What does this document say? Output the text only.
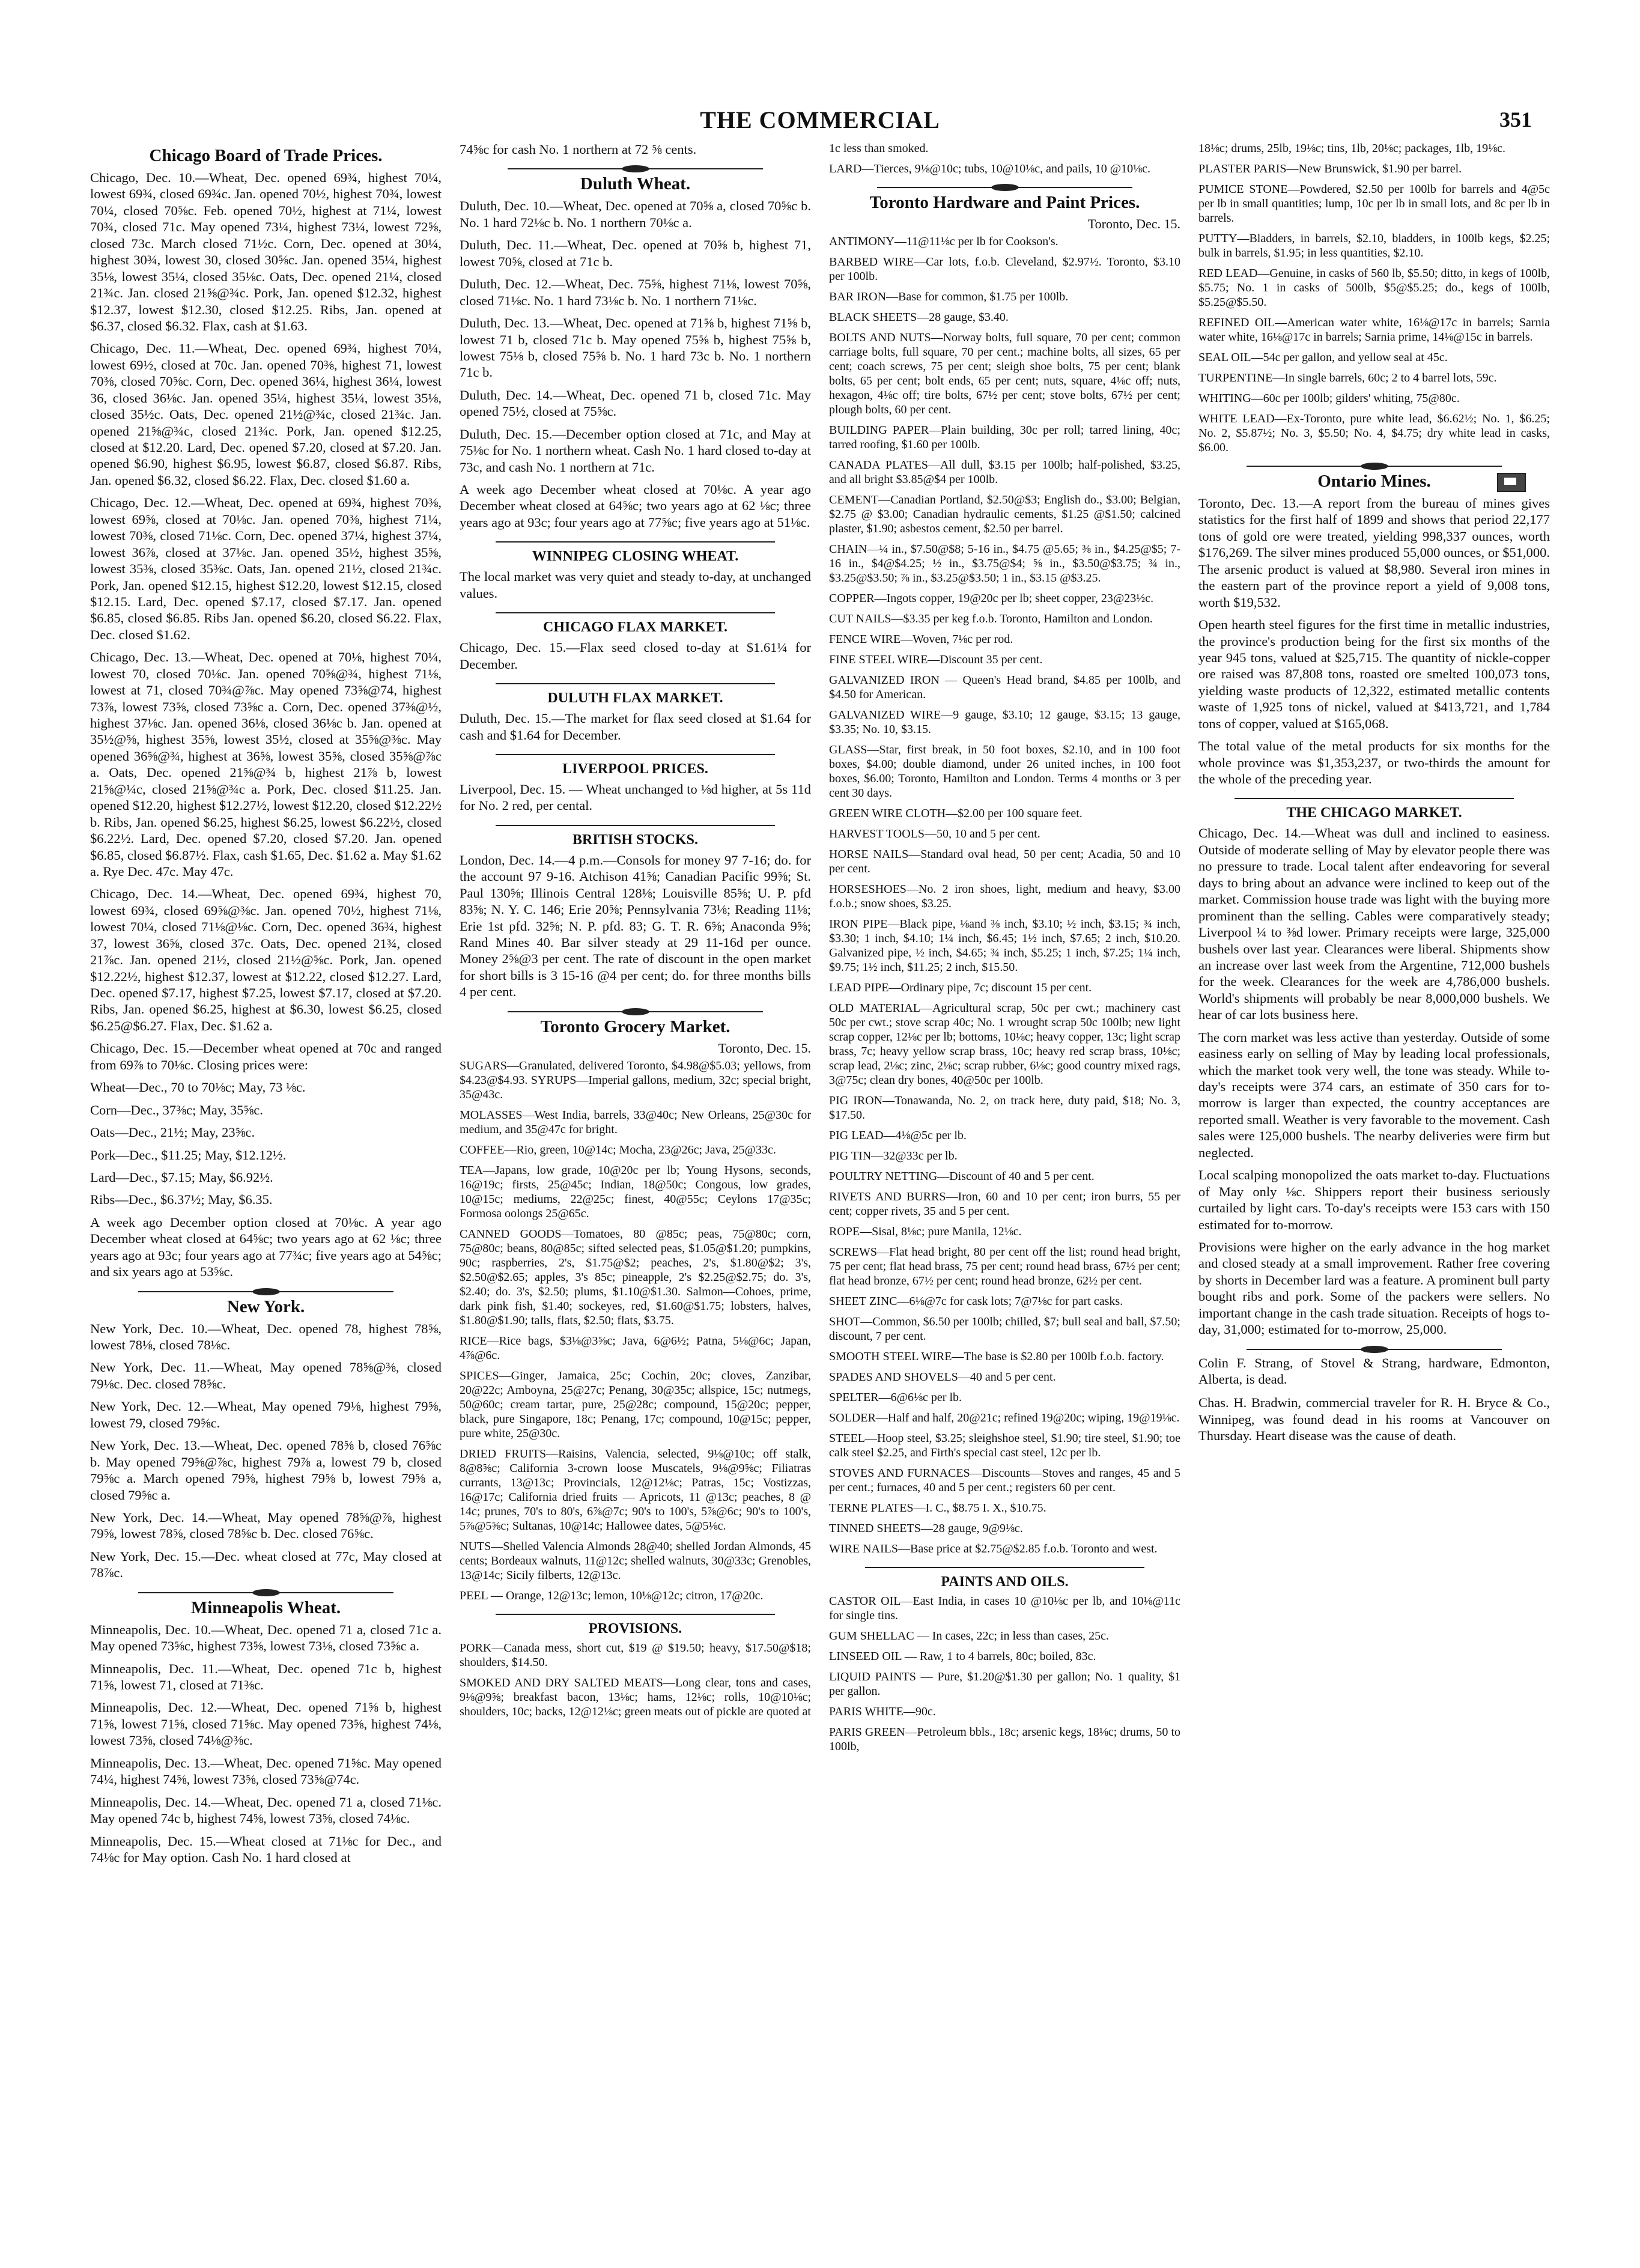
THE COMMERCIAL	351
Chicago Board of Trade Prices.

Chicago, Dec. 10.—Wheat, Dec. opened 69¾, highest 70¼, lowest 69¾, closed 69¾c. Jan. opened 70½, highest 70¾, lowest 70¼, closed 70⅝c. Feb. opened 70½, highest at 71¼, lowest 70¾, closed 71c. May opened 73¼, highest 73¼, lowest 72⅝, closed 73c. March closed 71½c. Corn, Dec. opened at 30¼, highest 30¾, lowest 30, closed 30⅝c. Jan. opened 35¼, highest 35⅛, lowest 35¼, closed 35⅛c. Oats, Dec. opened 21¼, closed 21¾c. Jan. closed 21⅝@¾c. Pork, Jan. opened $12.32, highest $12.37, lowest $12.30, closed $12.25. Ribs, Jan. opened at $6.37, closed $6.32. Flax, cash at $1.63.

Chicago, Dec. 11.—Wheat, Dec. opened 69¾, highest 70¼, lowest 69½, closed at 70c. Jan. opened 70⅜, highest 71, lowest 70⅜, closed 70⅝c. Corn, Dec. opened 36¼, highest 36¼, lowest 36, closed 36⅛c. Jan. opened 35¼, highest 35¼, lowest 35⅛, closed 35½c. Oats, Dec. opened 21½@¾c, closed 21¾c. Jan. opened 21⅝@¾c, closed 21¾c. Pork, Jan. opened $12.25, closed at $12.20. Lard, Dec. opened $7.20, closed at $7.20. Jan. opened $6.90, highest $6.95, lowest $6.87, closed $6.87. Ribs, Jan. opened $6.32, closed $6.22. Flax, Dec. closed $1.60 a.

Chicago, Dec. 12.—Wheat, Dec. opened at 69¾, highest 70⅜, lowest 69⅝, closed at 70⅛c. Jan. opened 70⅜, highest 71¼, lowest 70⅜, closed 71⅛c. Corn, Dec. opened 37¼, highest 37¼, lowest 36⅞, closed at 37⅛c. Jan. opened 35½, highest 35⅝, lowest 35⅜, closed 35⅜c. Oats, Jan. opened 21½, closed 21¾c. Pork, Jan. opened $12.15, highest $12.20, lowest $12.15, closed $12.15. Lard, Dec. opened $7.17, closed $7.17. Jan. opened $6.85, closed $6.85. Ribs Jan. opened $6.20, closed $6.22. Flax, Dec. closed $1.62.

Chicago, Dec. 13.—Wheat, Dec. opened at 70⅛, highest 70¼, lowest 70, closed 70⅛c. Jan. opened 70⅝@¾, highest 71⅛, lowest at 71, closed 70¾@⅞c. May opened 73⅝@74, highest 73⅞, lowest 73⅝, closed 73⅝c a. Corn, Dec. opened 37⅜@½, highest 37⅛c. Jan. opened 36⅛, closed 36⅛c b. Jan. opened at 35½@⅝, highest 35⅝, lowest 35½, closed at 35⅝@⅜c. May opened 36⅝@¾, highest at 36⅝, lowest 35⅝, closed 35⅝@⅞c a. Oats, Dec. opened 21⅝@¾ b, highest 21⅞ b, lowest 21⅝@¼c, closed 21⅝@¾c a. Pork, Dec. closed $11.25. Jan. opened $12.20, highest $12.27½, lowest $12.20, closed $12.22½ b. Ribs, Jan. opened $6.25, highest $6.25, lowest $6.22½, closed $6.22½. Lard, Dec. opened $7.20, closed $7.20. Jan. opened $6.85, closed $6.87½. Flax, cash $1.65, Dec. $1.62 a. May $1.62 a. Rye Dec. 47c. May 47c.

Chicago, Dec. 14.—Wheat, Dec. opened 69¾, highest 70, lowest 69¾, closed 69⅝@⅜c. Jan. opened 70½, highest 71⅛, lowest 70¼, closed 71⅛@⅛c. Corn, Dec. opened 36¾, highest 37, lowest 36⅝, closed 37c. Oats, Dec. opened 21¾, closed 21⅞c. Jan. opened 21½, closed 21½@⅝c. Pork, Jan. opened $12.22½, highest $12.37, lowest at $12.22, closed $12.27. Lard, Dec. opened $7.17, highest $7.25, lowest $7.17, closed at $7.20. Ribs, Jan. opened $6.25, highest at $6.30, lowest $6.25, closed $6.25@$6.27. Flax, Dec. $1.62 a.

Chicago, Dec. 15.—December wheat opened at 70c and ranged from 69⅞ to 70⅛c. Closing prices were:

Wheat—Dec., 70 to 70⅛c; May, 73 ⅛c.

Corn—Dec., 37⅜c; May, 35⅝c.

Oats—Dec., 21½; May, 23⅝c.

Pork—Dec., $11.25; May, $12.12½.

Lard—Dec., $7.15; May, $6.92½.

Ribs—Dec., $6.37½; May, $6.35.

A week ago December option closed at 70⅛c. A year ago December wheat closed at 64⅝c; two years ago at 62 ⅛c; three years ago at 93c; four years ago at 77¾c; five years ago at 54⅝c; and six years ago at 53⅝c.

New York.

New York, Dec. 10.—Wheat, Dec. opened 78, highest 78⅝, lowest 78⅛, closed 78⅛c.

New York, Dec. 11.—Wheat, May opened 78⅝@⅜, closed 79⅛c. Dec. closed 78⅝c.

New York, Dec. 12.—Wheat, May opened 79⅛, highest 79⅝, lowest 79, closed 79⅝c.

New York, Dec. 13.—Wheat, Dec. opened 78⅝ b, closed 76⅝c b. May opened 79⅝@⅞c, highest 79⅞ a, lowest 79 b, closed 79⅝c a. March opened 79⅝, highest 79⅝ b, lowest 79⅝ a, closed 79⅝c a.

New York, Dec. 14.—Wheat, May opened 78⅝@⅞, highest 79⅝, lowest 78⅝, closed 78⅝c b. Dec. closed 76⅝c.

New York, Dec. 15.—Dec. wheat closed at 77c, May closed at 78⅞c.

Minneapolis Wheat.

Minneapolis, Dec. 10.—Wheat, Dec. opened 71 a, closed 71c a. May opened 73⅝c, highest 73⅝, lowest 73⅛, closed 73⅝c a.

Minneapolis, Dec. 11.—Wheat, Dec. opened 71c b, highest 71⅝, lowest 71, closed at 71⅜c.

Minneapolis, Dec. 12.—Wheat, Dec. opened 71⅝ b, highest 71⅝, lowest 71⅝, closed 71⅝c. May opened 73⅝, highest 74⅛, lowest 73⅝, closed 74⅛@⅜c.

Minneapolis, Dec. 13.—Wheat, Dec. opened 71⅝c. May opened 74¼, highest 74⅝, lowest 73⅝, closed 73⅝@74c.

Minneapolis, Dec. 14.—Wheat, Dec. opened 71 a, closed 71⅛c. May opened 74c b, highest 74⅝, lowest 73⅝, closed 74⅛c.

Minneapolis, Dec. 15.—Wheat closed at 71⅛c for Dec., and 74⅛c for May option. Cash No. 1 hard closed at

74⅝c for cash No. 1 northern at 72 ⅝ cents.

Duluth Wheat.

Duluth, Dec. 10.—Wheat, Dec. opened at 70⅝ a, closed 70⅝c b. No. 1 hard 72⅛c b. No. 1 northern 70⅛c a.

Duluth, Dec. 11.—Wheat, Dec. opened at 70⅝ b, highest 71, lowest 70⅝, closed at 71c b.

Duluth, Dec. 12.—Wheat, Dec. 75⅝, highest 71⅛, lowest 70⅝, closed 71⅛c. No. 1 hard 73⅛c b. No. 1 northern 71⅛c.

Duluth, Dec. 13.—Wheat, Dec. opened at 71⅝ b, highest 71⅝ b, lowest 71 b, closed 71c b. May opened 75⅝ b, highest 75⅝ b, lowest 75⅛ b, closed 75⅝ b. No. 1 hard 73c b. No. 1 northern 71c b.

Duluth, Dec. 14.—Wheat, Dec. opened 71 b, closed 71c. May opened 75½, closed at 75⅝c.

Duluth, Dec. 15.—December option closed at 71c, and May at 75⅛c for No. 1 northern wheat. Cash No. 1 hard closed to-day at 73c, and cash No. 1 northern at 71c.

A week ago December wheat closed at 70⅛c. A year ago December wheat closed at 64⅝c; two years ago at 62 ⅛c; three years ago at 93c; four years ago at 77⅝c; five years ago at 51⅛c.

WINNIPEG CLOSING WHEAT.

The local market was very quiet and steady to-day, at unchanged values.

CHICAGO FLAX MARKET.

Chicago, Dec. 15.—Flax seed closed to-day at $1.61¼ for December.

DULUTH FLAX MARKET.

Duluth, Dec. 15.—The market for flax seed closed at $1.64 for cash and $1.64 for December.

LIVERPOOL PRICES.

Liverpool, Dec. 15. — Wheat unchanged to ⅛d higher, at 5s 11d for No. 2 red, per cental.

BRITISH STOCKS.

London, Dec. 14.—4 p.m.—Consols for money 97 7-16; do. for the account 97 9-16. Atchison 41⅝; Canadian Pacific 99⅝; St. Paul 130⅝; Illinois Central 128⅛; Louisville 85⅝; U. P. pfd 83⅝; N. Y. C. 146; Erie 20⅝; Pennsylvania 73⅛; Reading 11⅛; Erie 1st pfd. 32⅝; N. P. pfd. 83; G. T. R. 6⅝; Anaconda 9⅝; Rand Mines 40. Bar silver steady at 29 11-16d per ounce. Money 2⅝@3 per cent. The rate of discount in the open market for short bills is 3 15-16 @4 per cent; do. for three months bills 4 per cent.

Toronto Grocery Market.
Toronto, Dec. 15.

SUGARS—Granulated, delivered Toronto, $4.98@$5.03; yellows, from $4.23@$4.93. SYRUPS—Imperial gallons, medium, 32c; special bright, 35@43c.

MOLASSES—West India, barrels, 33@40c; New Orleans, 25@30c for medium, and 35@47c for bright.

COFFEE—Rio, green, 10@14c; Mocha, 23@26c; Java, 25@33c.

TEA—Japans, low grade, 10@20c per lb; Young Hysons, seconds, 16@19c; firsts, 25@45c; Indian, 18@50c; Congous, low grades, 10@15c; mediums, 22@25c; finest, 40@55c; Ceylons 17@35c; Formosa oolongs 25@65c.

CANNED GOODS—Tomatoes, 80 @85c; peas, 75@80c; corn, 75@80c; beans, 80@85c; sifted selected peas, $1.05@$1.20; pumpkins, 90c; raspberries, 2's, $1.75@$2; peaches, 2's, $1.80@$2; 3's, $2.50@$2.65; apples, 3's 85c; pineapple, 2's $2.25@$2.75; do. 3's, $2.40; do. 3's, $2.50; plums, $1.10@$1.30. Salmon—Cohoes, prime, dark pink fish, $1.40; sockeyes, red, $1.60@$1.75; lobsters, halves, $1.80@$1.90; talls, flats, $2.50; flats, $3.75.

RICE—Rice bags, $3⅛@3⅝c; Java, 6@6½; Patna, 5⅛@6c; Japan, 4⅞@6c.

SPICES—Ginger, Jamaica, 25c; Cochin, 20c; cloves, Zanzibar, 20@22c; Amboyna, 25@27c; Penang, 30@35c; allspice, 15c; nutmegs, 50@60c; cream tartar, pure, 25@28c; compound, 15@20c; pepper, black, pure Singapore, 18c; Penang, 17c; compound, 10@15c; pepper, pure white, 25@30c.

DRIED FRUITS—Raisins, Valencia, selected, 9⅛@10c; off stalk, 8@8⅝c; California 3-crown loose Muscatels, 9⅛@9⅝c; Filiatras currants, 13@13c; Provincials, 12@12⅛c; Patras, 15c; Vostizzas, 16@17c; California dried fruits — Apricots, 11 @13c; peaches, 8 @ 14c; prunes, 70's to 80's, 6⅞@7c; 90's to 100's, 5⅞@6c; 90's to 100's, 5⅞@5⅝c; Sultanas, 10@14c; Hallowee dates, 5@5⅛c.

NUTS—Shelled Valencia Almonds 28@40; shelled Jordan Almonds, 45 cents; Bordeaux walnuts, 11@12c; shelled walnuts, 30@33c; Grenobles, 13@14c; Sicily filberts, 12@13c.

PEEL — Orange, 12@13c; lemon, 10⅛@12c; citron, 17@20c.

PROVISIONS.

PORK—Canada mess, short cut, $19 @ $19.50; heavy, $17.50@$18; shoulders, $14.50.

SMOKED AND DRY SALTED MEATS—Long clear, tons and cases, 9⅛@9⅝; breakfast bacon, 13⅛c; hams, 12⅛c; rolls, 10@10⅛c; shoulders, 10c; backs, 12@12⅛c; green meats out of pickle are quoted at

1c less than smoked.

LARD—Tierces, 9⅛@10c; tubs, 10@10⅛c, and pails, 10 @10⅛c.

Toronto Hardware and Paint Prices.
Toronto, Dec. 15.

ANTIMONY—11@11⅛c per lb for Cookson's.

BARBED WIRE—Car lots, f.o.b. Cleveland, $2.97½. Toronto, $3.10 per 100lb.

BAR IRON—Base for common, $1.75 per 100lb.

BLACK SHEETS—28 gauge, $3.40.

BOLTS AND NUTS—Norway bolts, full square, 70 per cent; common carriage bolts, full square, 70 per cent.; machine bolts, all sizes, 65 per cent; coach screws, 75 per cent; sleigh shoe bolts, 75 per cent; blank bolts, 65 per cent; bolt ends, 65 per cent; nuts, square, 4⅛c off; nuts, hexagon, 4⅛c off; tire bolts, 67½ per cent; stove bolts, 67½ per cent; plough bolts, 60 per cent.

BUILDING PAPER—Plain building, 30c per roll; tarred lining, 40c; tarred roofing, $1.60 per 100lb.

CANADA PLATES—All dull, $3.15 per 100lb; half-polished, $3.25, and all bright $3.85@$4 per 100lb.

CEMENT—Canadian Portland, $2.50@$3; English do., $3.00; Belgian, $2.75 @ $3.00; Canadian hydraulic cements, $1.25 @$1.50; calcined plaster, $1.90; asbestos cement, $2.50 per barrel.

CHAIN—¼ in., $7.50@$8; 5-16 in., $4.75 @5.65; ⅜ in., $4.25@$5; 7-16 in., $4@$4.25; ½ in., $3.75@$4; ⅝ in., $3.50@$3.75; ¾ in., $3.25@$3.50; ⅞ in., $3.25@$3.50; 1 in., $3.15 @$3.25.

COPPER—Ingots copper, 19@20c per lb; sheet copper, 23@23½c.

CUT NAILS—$3.35 per keg f.o.b. Toronto, Hamilton and London.

FENCE WIRE—Woven, 7⅛c per rod.

FINE STEEL WIRE—Discount 35 per cent.

GALVANIZED IRON — Queen's Head brand, $4.85 per 100lb, and $4.50 for American.

GALVANIZED WIRE—9 gauge, $3.10; 12 gauge, $3.15; 13 gauge, $3.35; No. 10, $3.15.

GLASS—Star, first break, in 50 foot boxes, $2.10, and in 100 foot boxes, $4.00; double diamond, under 26 united inches, in 100 foot boxes, $6.00; Toronto, Hamilton and London. Terms 4 months or 3 per cent 30 days.

GREEN WIRE CLOTH—$2.00 per 100 square feet.

HARVEST TOOLS—50, 10 and 5 per cent.

HORSE NAILS—Standard oval head, 50 per cent; Acadia, 50 and 10 per cent.

HORSESHOES—No. 2 iron shoes, light, medium and heavy, $3.00 f.o.b.; snow shoes, $3.25.

IRON PIPE—Black pipe, ⅛and ⅜ inch, $3.10; ½ inch, $3.15; ¾ inch, $3.30; 1 inch, $4.10; 1¼ inch, $6.45; 1½ inch, $7.65; 2 inch, $10.20. Galvanized pipe, ½ inch, $4.65; ¾ inch, $5.25; 1 inch, $7.25; 1¼ inch, $9.75; 1½ inch, $11.25; 2 inch, $15.50.

LEAD PIPE—Ordinary pipe, 7c; discount 15 per cent.

OLD MATERIAL—Agricultural scrap, 50c per cwt.; machinery cast 50c per cwt.; stove scrap 40c; No. 1 wrought scrap 50c 100lb; new light scrap copper, 12⅛c per lb; bottoms, 10⅛c; heavy copper, 13c; light scrap brass, 7c; heavy yellow scrap brass, 10c; heavy red scrap brass, 10⅛c; scrap lead, 2⅛c; zinc, 2⅛c; scrap rubber, 6⅛c; good country mixed rags, 3@75c; clean dry bones, 40@50c per 100lb.

PIG IRON—Tonawanda, No. 2, on track here, duty paid, $18; No. 3, $17.50.

PIG LEAD—4⅛@5c per lb.

PIG TIN—32@33c per lb.

POULTRY NETTING—Discount of 40 and 5 per cent.

RIVETS AND BURRS—Iron, 60 and 10 per cent; iron burrs, 55 per cent; copper rivets, 35 and 5 per cent.

ROPE—Sisal, 8⅛c; pure Manila, 12⅛c.

SCREWS—Flat head bright, 80 per cent off the list; round head bright, 75 per cent; flat head brass, 75 per cent; round head brass, 67½ per cent; flat head bronze, 67½ per cent; round head bronze, 62½ per cent.

SHEET ZINC—6⅛@7c for cask lots; 7@7⅛c for part casks.

SHOT—Common, $6.50 per 100lb; chilled, $7; bull seal and ball, $7.50; discount, 7 per cent.

SMOOTH STEEL WIRE—The base is $2.80 per 100lb f.o.b. factory.

SPADES AND SHOVELS—40 and 5 per cent.

SPELTER—6@6⅛c per lb.

SOLDER—Half and half, 20@21c; refined 19@20c; wiping, 19@19⅛c.

STEEL—Hoop steel, $3.25; sleighshoe steel, $1.90; tire steel, $1.90; toe calk steel $2.25, and Firth's special cast steel, 12c per lb.

STOVES AND FURNACES—Discounts—Stoves and ranges, 45 and 5 per cent.; furnaces, 40 and 5 per cent.; registers 60 per cent.

TERNE PLATES—I. C., $8.75 I. X., $10.75.

TINNED SHEETS—28 gauge, 9@9⅛c.

WIRE NAILS—Base price at $2.75@$2.85 f.o.b. Toronto and west.

PAINTS AND OILS.

CASTOR OIL—East India, in cases 10 @10⅛c per lb, and 10⅛@11c for single tins.

GUM SHELLAC — In cases, 22c; in less than cases, 25c.

LINSEED OIL — Raw, 1 to 4 barrels, 80c; boiled, 83c.

LIQUID PAINTS — Pure, $1.20@$1.30 per gallon; No. 1 quality, $1 per gallon.

PARIS WHITE—90c.

PARIS GREEN—Petroleum bbls., 18c; arsenic kegs, 18⅛c; drums, 50 to 100lb,

18⅛c; drums, 25lb, 19⅛c; tins, 1lb, 20⅛c; packages, 1lb, 19⅛c.

PLASTER PARIS—New Brunswick, $1.90 per barrel.

PUMICE STONE—Powdered, $2.50 per 100lb for barrels and 4@5c per lb in small quantities; lump, 10c per lb in small lots, and 8c per lb in barrels.

PUTTY—Bladders, in barrels, $2.10, bladders, in 100lb kegs, $2.25; bulk in barrels, $1.95; in less quantities, $2.10.

RED LEAD—Genuine, in casks of 560 lb, $5.50; ditto, in kegs of 100lb, $5.75; No. 1 in casks of 500lb, $5@$5.25; do., kegs of 100lb, $5.25@$5.50.

REFINED OIL—American water white, 16⅛@17c in barrels; Sarnia water white, 16⅛@17c in barrels; Sarnia prime, 14⅛@15c in barrels.

SEAL OIL—54c per gallon, and yellow seal at 45c.

TURPENTINE—In single barrels, 60c; 2 to 4 barrel lots, 59c.

WHITING—60c per 100lb; gilders' whiting, 75@80c.

WHITE LEAD—Ex-Toronto, pure white lead, $6.62½; No. 1, $6.25; No. 2, $5.87½; No. 3, $5.50; No. 4, $4.75; dry white lead in casks, $6.00.

Ontario Mines.

Toronto, Dec. 13.—A report from the bureau of mines gives statistics for the first half of 1899 and shows that period 22,177 tons of gold ore were treated, yielding 998,337 ounces, worth $176,269. The silver mines produced 55,000 ounces, or $51,000. The arsenic product is valued at $8,980. Several iron mines in the eastern part of the province report a yield of 9,008 tons, worth $19,532.

Open hearth steel figures for the first time in metallic industries, the province's production being for the first six months of the year 945 tons, valued at $25,715. The quantity of nickle-copper ore raised was 87,808 tons, roasted ore smelted 100,073 tons, yielding waste products of 12,322, estimated metallic contents waste of 1,925 tons of nickel, valued at $413,721, and 1,784 tons of copper, valued at $165,068.

The total value of the metal products for six months for the whole province was $1,353,237, or two-thirds the amount for the whole of the preceding year.

THE CHICAGO MARKET.

Chicago, Dec. 14.—Wheat was dull and inclined to easiness. Outside of moderate selling of May by elevator people there was no pressure to trade. Local talent after endeavoring for several days to bring about an advance were inclined to keep out of the market. Commission house trade was light with the buying more prominent than the selling. Cables were comparatively steady; Liverpool ¼ to ⅜d lower. Primary receipts were large, 325,000 bushels over last year. Clearances were liberal. Shipments show an increase over last week from the Argentine, 712,000 bushels for the week. Clearances for the week are 4,786,000 bushels. World's shipments will probably be near 8,000,000 bushels. We hear of car lots business here.

The corn market was less active than yesterday. Outside of some easiness early on selling of May by leading local professionals, which the market took very well, the tone was steady. While to-day's receipts were 374 cars, an estimate of 350 cars for to-morrow is larger than expected, the country acceptances are reported small. Weather is very favorable to the movement. Cash sales were 125,000 bushels. The nearby deliveries were firm but neglected.

Local scalping monopolized the oats market to-day. Fluctuations of May only ⅛c. Shippers report their business seriously curtailed by light cars. To-day's receipts were 153 cars with 150 estimated for to-morrow.

Provisions were higher on the early advance in the hog market and closed steady at a small improvement. Rather free covering by shorts in December lard was a feature. A prominent bull party bought ribs and pork. Some of the packers were sellers. No important change in the cash trade situation. Receipts of hogs to-day, 31,000; estimated for to-morrow, 25,000.

Colin F. Strang, of Stovel & Strang, hardware, Edmonton, Alberta, is dead.

Chas. H. Bradwin, commercial traveler for R. H. Bryce & Co., Winnipeg, was found dead in his rooms at Vancouver on Thursday. Heart disease was the cause of death.
